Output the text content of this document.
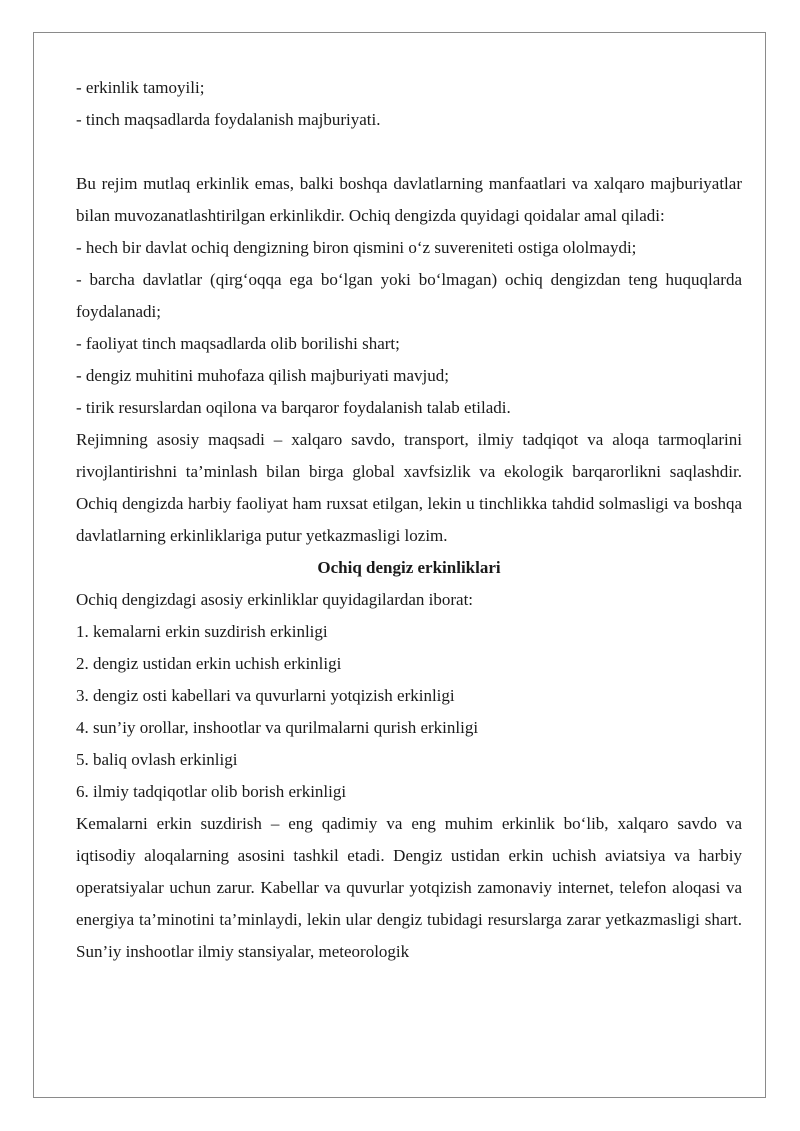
- erkinlik tamoyili;

- tinch maqsadlarda foydalanish majburiyati.

Bu rejim mutlaq erkinlik emas, balki boshqa davlatlarning manfaatlari va xalqaro majburiyatlar bilan muvozanatlashtirilgan erkinlikdir. Ochiq dengizda quyidagi qoidalar amal qiladi:

- hech bir davlat ochiq dengizning biron qismini o‘z suvereniteti ostiga ololmaydi;

- barcha davlatlar (qirg‘oqqa ega bo‘lgan yoki bo‘lmagan) ochiq dengizdan teng huquqlarda foydalanadi;

- faoliyat tinch maqsadlarda olib borilishi shart;

- dengiz muhitini muhofaza qilish majburiyati mavjud;

- tirik resurslardan oqilona va barqaror foydalanish talab etiladi.

Rejimning asosiy maqsadi – xalqaro savdo, transport, ilmiy tadqiqot va aloqa tarmoqlarini rivojlantirishni ta’minlash bilan birga global xavfsizlik va ekologik barqarorlikni saqlashdir. Ochiq dengizda harbiy faoliyat ham ruxsat etilgan, lekin u tinchlikka tahdid solmasligi va boshqa davlatlarning erkinliklariga putur yetkazmasligi lozim.

Ochiq dengiz erkinliklari

Ochiq dengizdagi asosiy erkinliklar quyidagilardan iborat:

1. kemalarni erkin suzdirish erkinligi

2. dengiz ustidan erkin uchish erkinligi

3. dengiz osti kabellari va quvurlarni yotqizish erkinligi

4. sun’iy orollar, inshootlar va qurilmalarni qurish erkinligi

5. baliq ovlash erkinligi

6. ilmiy tadqiqotlar olib borish erkinligi

Kemalarni erkin suzdirish – eng qadimiy va eng muhim erkinlik bo‘lib, xalqaro savdo va iqtisodiy aloqalarning asosini tashkil etadi. Dengiz ustidan erkin uchish aviatsiya va harbiy operatsiyalar uchun zarur. Kabellar va quvurlar yotqizish zamonaviy internet, telefon aloqasi va energiya ta’minotini ta’minlaydi, lekin ular dengiz tubidagi resurslarga zarar yetkazmasligi shart. Sun’iy inshootlar ilmiy stansiyalar, meteorologik
